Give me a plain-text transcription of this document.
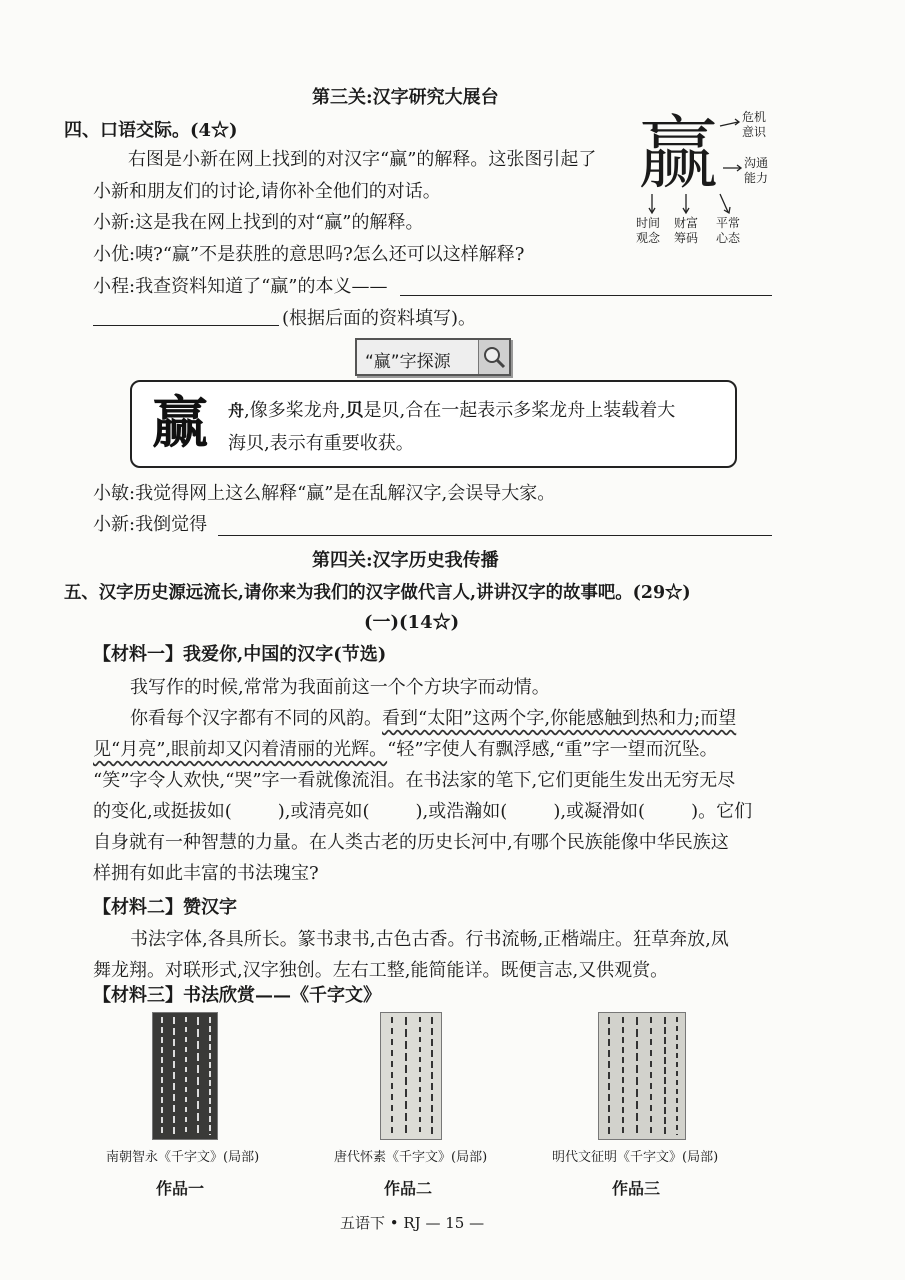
第三关:汉字研究大展台
四、口语交际。(4☆)
右图是小新在网上找到的对汉字“赢”的解释。这张图引起了
小新和朋友们的讨论,请你补全他们的对话。
小新:这是我在网上找到的对“赢”的解释。
小优:咦?“赢”不是获胜的意思吗?怎么还可以这样解释?
小程:我查资料知道了“赢”的本义——
(根据后面的资料填写)。
赢 危机
意识
沟通
能力
时间
观念
财富
筹码
平常
心态
“赢”字探源
赢 舟,像多桨龙舟,贝是贝,合在一起表示多桨龙舟上装载着大
海贝,表示有重要收获。
小敏:我觉得网上这么解释“赢”是在乱解汉字,会误导大家。
小新:我倒觉得
第四关:汉字历史我传播
五、汉字历史源远流长,请你来为我们的汉字做代言人,讲讲汉字的故事吧。(29☆)
(一)(14☆)
【材料一】我爱你,中国的汉字(节选)
我写作的时候,常常为我面前这一个个方块字而动情。
你看每个汉字都有不同的风韵。看到“太阳”这两个字,你能感触到热和力;而望
见“月亮”,眼前却又闪着清丽的光辉。“轻”字使人有飘浮感,“重”字一望而沉坠。
“笑”字令人欢快,“哭”字一看就像流泪。在书法家的笔下,它们更能生发出无穷无尽
的变化,或挺拔如(	),或清亮如(	),或浩瀚如(	),或凝滑如(	)。它们
自身就有一种智慧的力量。在人类古老的历史长河中,有哪个民族能像中华民族这
样拥有如此丰富的书法瑰宝?
【材料二】赞汉字
书法字体,各具所长。篆书隶书,古色古香。行书流畅,正楷端庄。狂草奔放,凤
舞龙翔。对联形式,汉字独创。左右工整,能简能详。既便言志,又供观赏。
【材料三】书法欣赏——《千字文》
南朝智永《千字文》(局部)	唐代怀素《千字文》(局部)	明代文征明《千字文》(局部)
作品一	作品二	作品三
五语下 • RJ — 15 —
